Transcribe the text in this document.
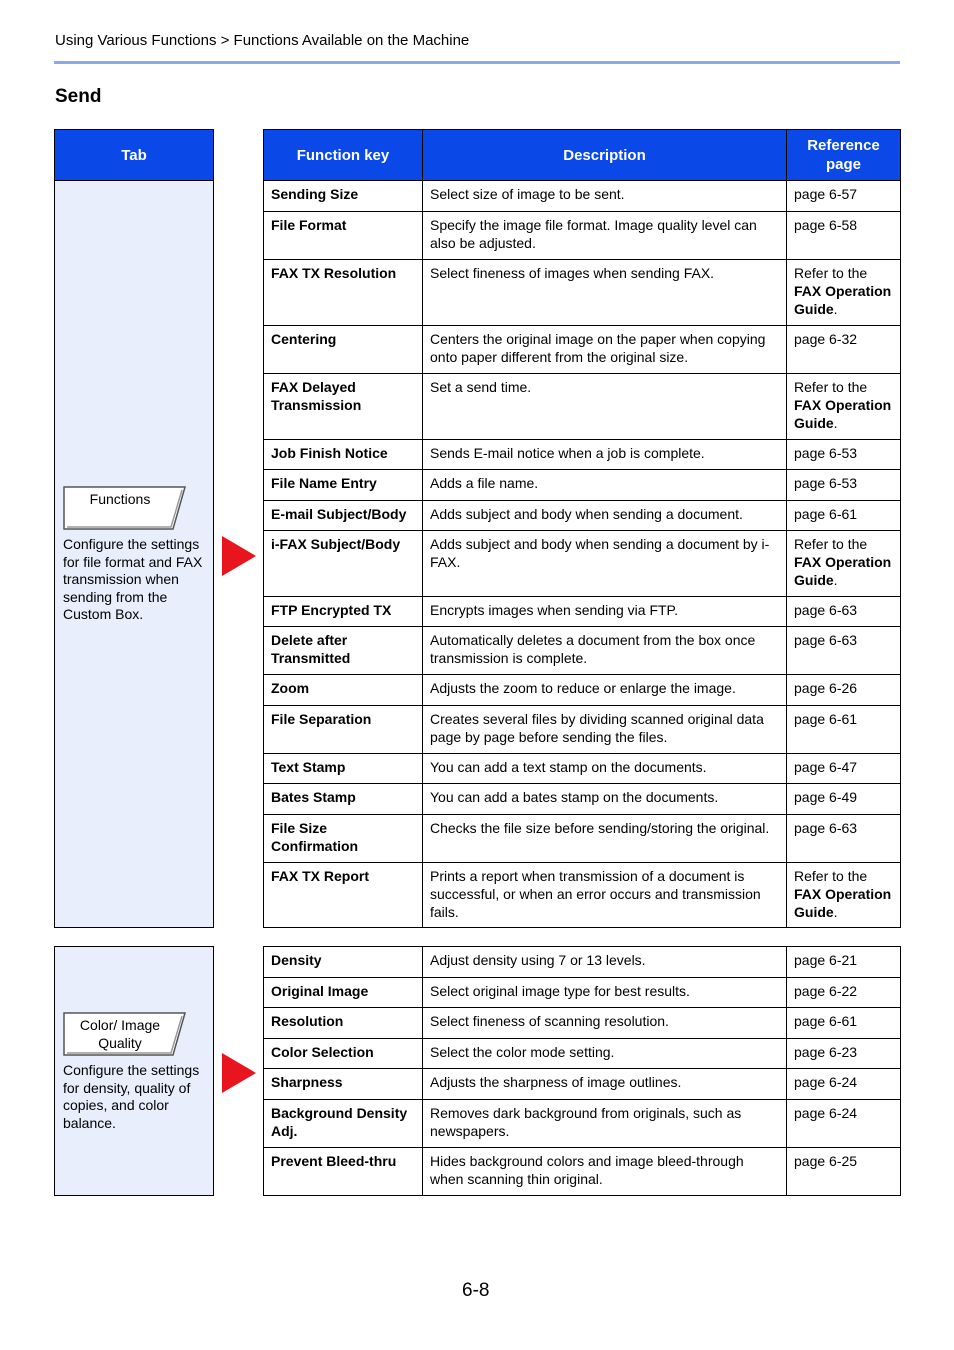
Using Various Functions > Functions Available on the Machine
Send
Tab
Functions
Configure the settings for file format and FAX transmission when sending from the Custom Box.
Function key	Description	Reference page
Sending Size	Select size of image to be sent.	page 6-57
File Format	Specify the image file format. Image quality level can also be adjusted.	page 6-58
FAX TX Resolution	Select fineness of images when sending FAX.	Refer to the
FAX Operation Guide.
Centering	Centers the original image on the paper when copying onto paper different from the original size.	page 6-32
FAX Delayed Transmission	Set a send time.	Refer to the
FAX Operation Guide.
Job Finish Notice	Sends E-mail notice when a job is complete.	page 6-53
File Name Entry	Adds a file name.	page 6-53
E-mail Subject/Body	Adds subject and body when sending a document.	page 6-61
i-FAX Subject/Body	Adds subject and body when sending a document by i-FAX.	Refer to the
FAX Operation Guide.
FTP Encrypted TX	Encrypts images when sending via FTP.	page 6-63
Delete after Transmitted	Automatically deletes a document from the box once transmission is complete.	page 6-63
Zoom	Adjusts the zoom to reduce or enlarge the image.	page 6-26
File Separation	Creates several files by dividing scanned original data page by page before sending the files.	page 6-61
Text Stamp	You can add a text stamp on the documents.	page 6-47
Bates Stamp	You can add a bates stamp on the documents.	page 6-49
File Size Confirmation	Checks the file size before sending/storing the original.	page 6-63
FAX TX Report	Prints a report when transmission of a document is successful, or when an error occurs and transmission fails.	Refer to the
FAX Operation Guide.
Color/ Image Quality
Configure the settings for density, quality of copies, and color balance.
Density	Adjust density using 7 or 13 levels.	page 6-21
Original Image	Select original image type for best results.	page 6-22
Resolution	Select fineness of scanning resolution.	page 6-61
Color Selection	Select the color mode setting.	page 6-23
Sharpness	Adjusts the sharpness of image outlines.	page 6-24
Background Density Adj.	Removes dark background from originals, such as newspapers.	page 6-24
Prevent Bleed-thru	Hides background colors and image bleed-through when scanning thin original.	page 6-25
6-8
